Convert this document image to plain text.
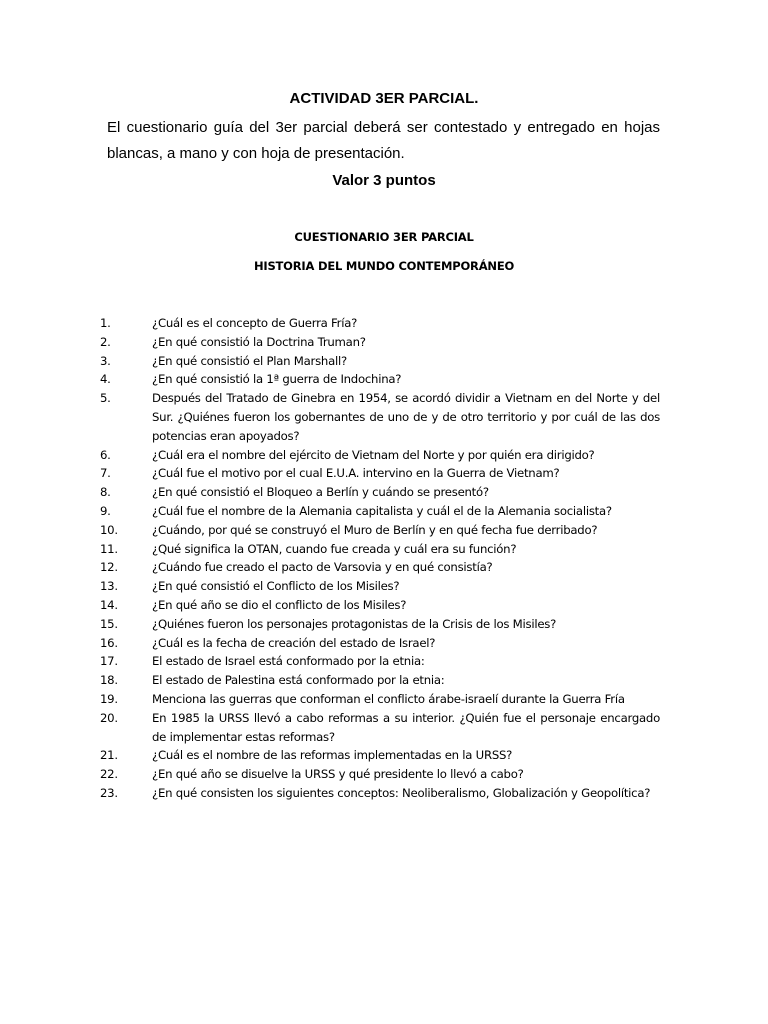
ACTIVIDAD 3ER PARCIAL.
El cuestionario guía del 3er parcial deberá ser contestado y entregado en hojas blancas, a mano y con hoja de presentación.
Valor 3 puntos
CUESTIONARIO 3ER PARCIAL
HISTORIA DEL MUNDO CONTEMPORÁNEO
1.	¿Cuál es el concepto de Guerra Fría?
2.	¿En qué consistió la Doctrina Truman?
3.	¿En qué consistió el Plan Marshall?
4.	¿En qué consistió la 1ª guerra de Indochina?
5.	Después del Tratado de Ginebra en 1954, se acordó dividir a Vietnam en del Norte y del Sur. ¿Quiénes fueron los gobernantes de uno de y de otro territorio y por cuál de las dos potencias eran apoyados?
6.	¿Cuál era el nombre del ejército de Vietnam del Norte y por quién era dirigido?
7.	¿Cuál fue el motivo por el cual E.U.A. intervino en la Guerra de Vietnam?
8.	¿En qué consistió el Bloqueo a Berlín y cuándo se presentó?
9.	¿Cuál fue el nombre de la Alemania capitalista y cuál el de la Alemania socialista?
10.	¿Cuándo, por qué se construyó el Muro de Berlín y en qué fecha fue derribado?
11.	¿Qué significa la OTAN, cuando fue creada y cuál era su función?
12.	¿Cuándo fue creado el pacto de Varsovia y en qué consistía?
13.	¿En qué consistió el Conflicto de los Misiles?
14.	¿En qué año se dio el conflicto de los Misiles?
15.	¿Quiénes fueron los personajes protagonistas de la Crisis de los Misiles?
16.	¿Cuál es la fecha de creación del estado de Israel?
17.	El estado de Israel está conformado por la etnia:
18.	El estado de Palestina está conformado por la etnia:
19.	Menciona las guerras que conforman el conflicto árabe-israelí durante la Guerra Fría
20.	En 1985 la URSS llevó a cabo reformas a su interior. ¿Quién fue el personaje encargado de implementar estas reformas?
21.	¿Cuál es el nombre de las reformas implementadas en la URSS?
22.	¿En qué año se disuelve la URSS y qué presidente lo llevó a cabo?
23.	¿En qué consisten los siguientes conceptos: Neoliberalismo, Globalización y Geopolítica?
